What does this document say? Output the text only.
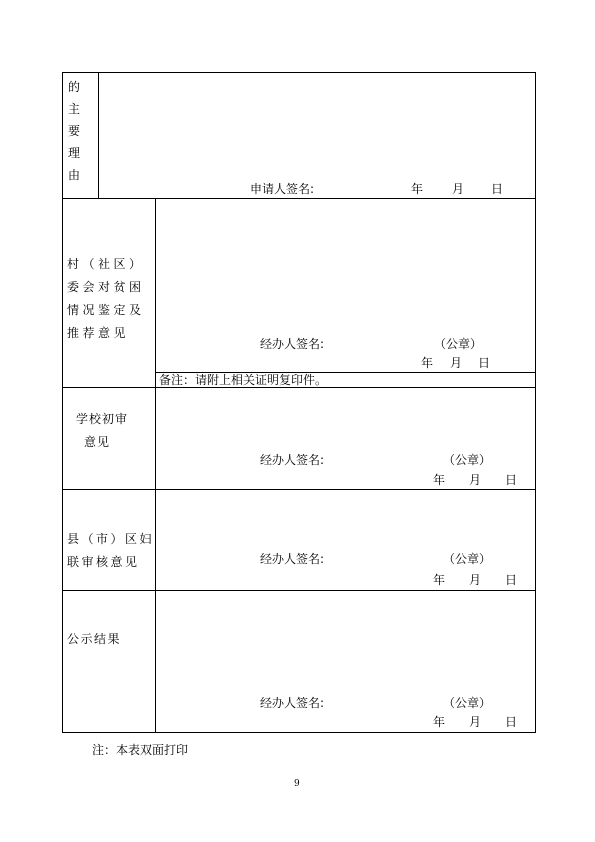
的
主
要
理
由
申请人签名:	年 月 日
村（社区）
委会对贫困
情况鉴定及
推荐意见
经办人签名:	（公章）
年 月 日
备注：请附上相关证明复印件。
学校初审
意见
经办人签名:	（公章）
年 月 日
县（市）区妇
联审核意见	经办人签名:	（公章）
年 月 日
公示结果
经办人签名:	（公章）
年 月 日
注：本表双面打印
9
